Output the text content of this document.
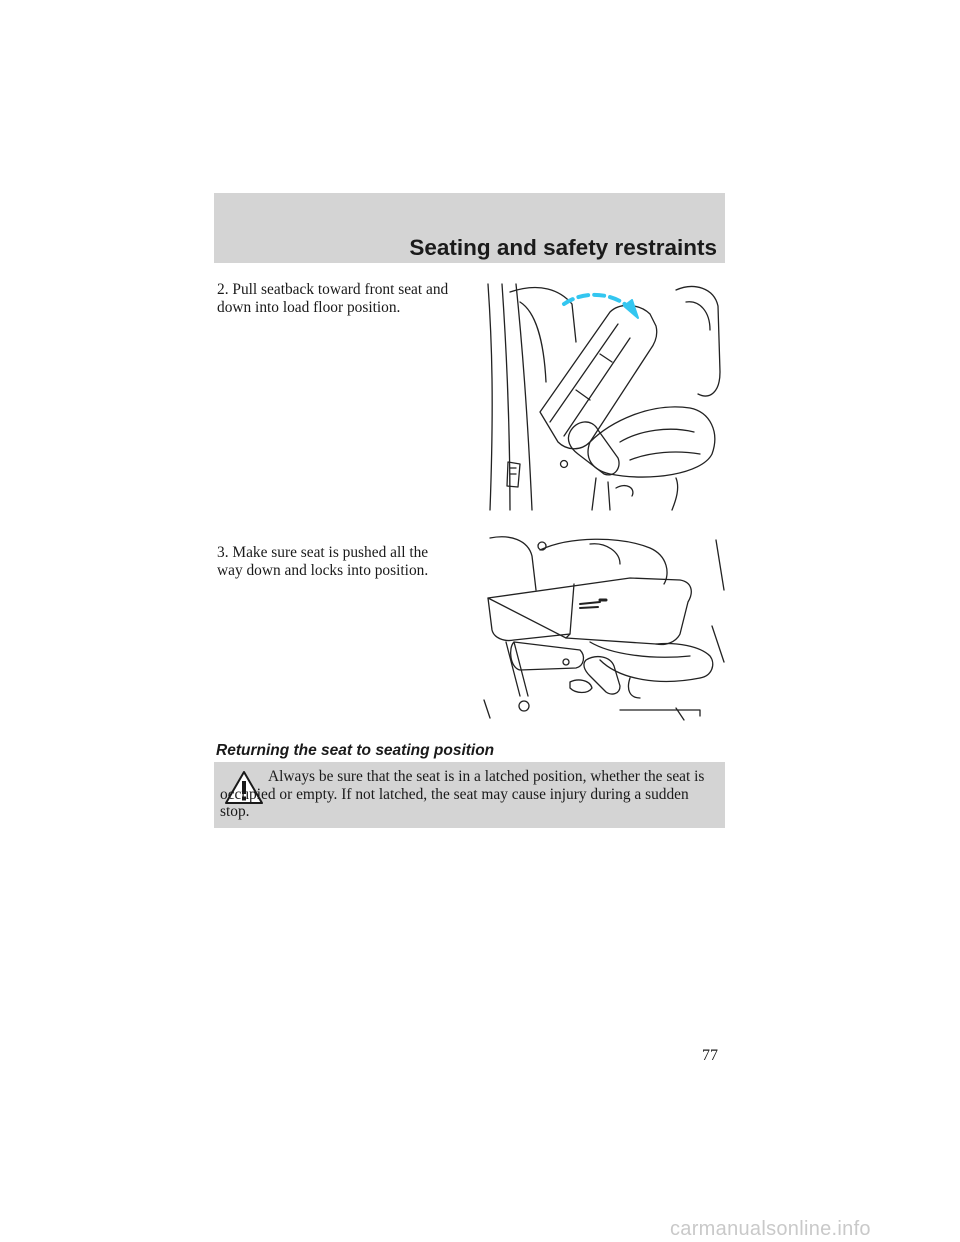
Seating and safety restraints
2. Pull seatback toward front seat and down into load floor position.
3. Make sure seat is pushed all the way down and locks into position.
Returning the seat to seating position
Always be sure that the seat is in a latched position, whether the seat is occupied or empty. If not latched, the seat may cause injury during a sudden stop.
77
carmanualsonline.info
